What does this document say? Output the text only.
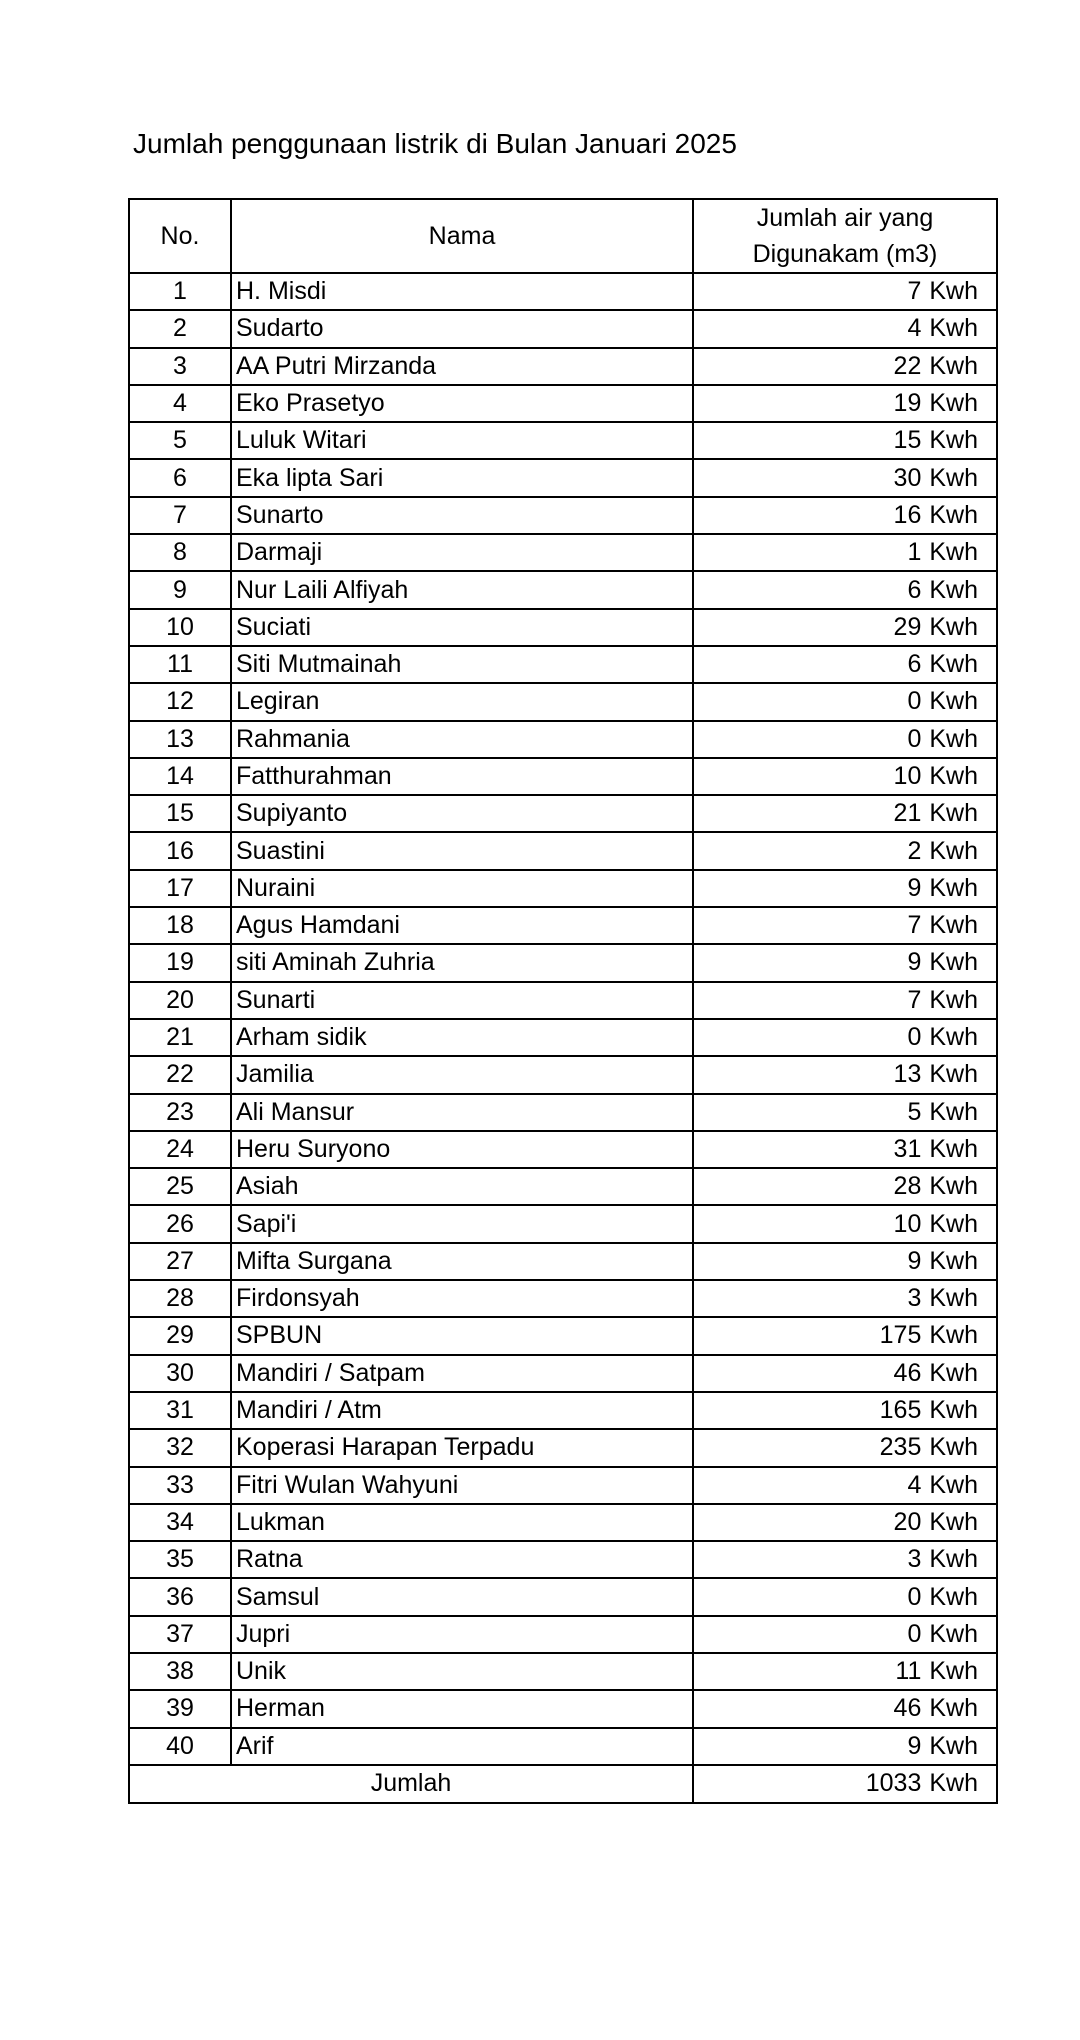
Jumlah penggunaan listrik di Bulan Januari 2025
No.	Nama	Jumlah air yang
Digunakam (m3)

1	H. Misdi	7 Kwh
2	Sudarto	4 Kwh
3	AA Putri Mirzanda	22 Kwh
4	Eko Prasetyo	19 Kwh
5	Luluk Witari	15 Kwh
6	Eka lipta Sari	30 Kwh
7	Sunarto	16 Kwh
8	Darmaji	1 Kwh
9	Nur Laili Alfiyah	6 Kwh
10	Suciati	29 Kwh
11	Siti Mutmainah	6 Kwh
12	Legiran	0 Kwh
13	Rahmania	0 Kwh
14	Fatthurahman	10 Kwh
15	Supiyanto	21 Kwh
16	Suastini	2 Kwh
17	Nuraini	9 Kwh
18	Agus Hamdani	7 Kwh
19	siti Aminah Zuhria	9 Kwh
20	Sunarti	7 Kwh
21	Arham sidik	0 Kwh
22	Jamilia	13 Kwh
23	Ali Mansur	5 Kwh
24	Heru Suryono	31 Kwh
25	Asiah	28 Kwh
26	Sapi'i	10 Kwh
27	Mifta Surgana	9 Kwh
28	Firdonsyah	3 Kwh
29	SPBUN	175 Kwh
30	Mandiri / Satpam	46 Kwh
31	Mandiri / Atm	165 Kwh
32	Koperasi Harapan Terpadu	235 Kwh
33	Fitri Wulan Wahyuni	4 Kwh
34	Lukman	20 Kwh
35	Ratna	3 Kwh
36	Samsul	0 Kwh
37	Jupri	0 Kwh
38	Unik	11 Kwh
39	Herman	46 Kwh
40	Arif	9 Kwh
Jumlah		1033 Kwh
